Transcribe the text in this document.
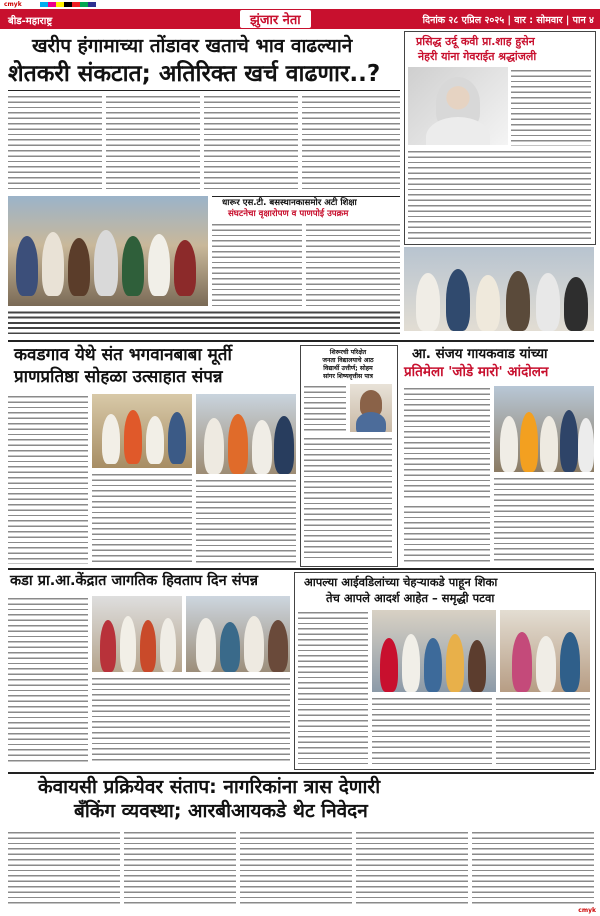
cmyk
बीड-महाराष्ट्र	झुंजार नेता	दिनांक २८ एप्रिल २०२५ | वार : सोमवार | पान ४
खरीप हंगामाच्या तोंडावर खताचे भाव वाढल्याने
शेतकरी संकटात; अतिरिक्त खर्च वाढणार..?
प्रसिद्ध उर्दू कवी प्रा.शाह हुसेन
नेहरी यांना गेवराईत श्रद्धांजली
धारूर एस.टी. बसस्थानकासमोर अटी शिक्षा
संघटनेचा वृक्षारोपण व पाणपोई उपक्रम
कवडगाव येथे संत भगवानबाबा मूर्ती
प्राणप्रतिष्ठा सोहळा उत्साहात संपन्न
शिरूरची परिक्षेत
जनता विद्यालयाचे आठ
विद्यार्थी उत्तीर्ण; सोहम
सांगर शिष्यवृत्तीस पात्र
आ. संजय गायकवाड यांच्या
प्रतिमेला 'जोडे मारो' आंदोलन
कडा प्रा.आ.केंद्रात जागतिक हिवताप दिन संपन्न	आपल्या आईवडिलांच्या चेहऱ्याकडे पाहून शिका
तेच आपले आदर्श आहेत – समृद्धी पटवा
केवायसी प्रक्रियेवर संताप: नागरिकांना त्रास देणारी
बँकिंग व्यवस्था; आरबीआयकडे थेट निवेदन
cmyk
